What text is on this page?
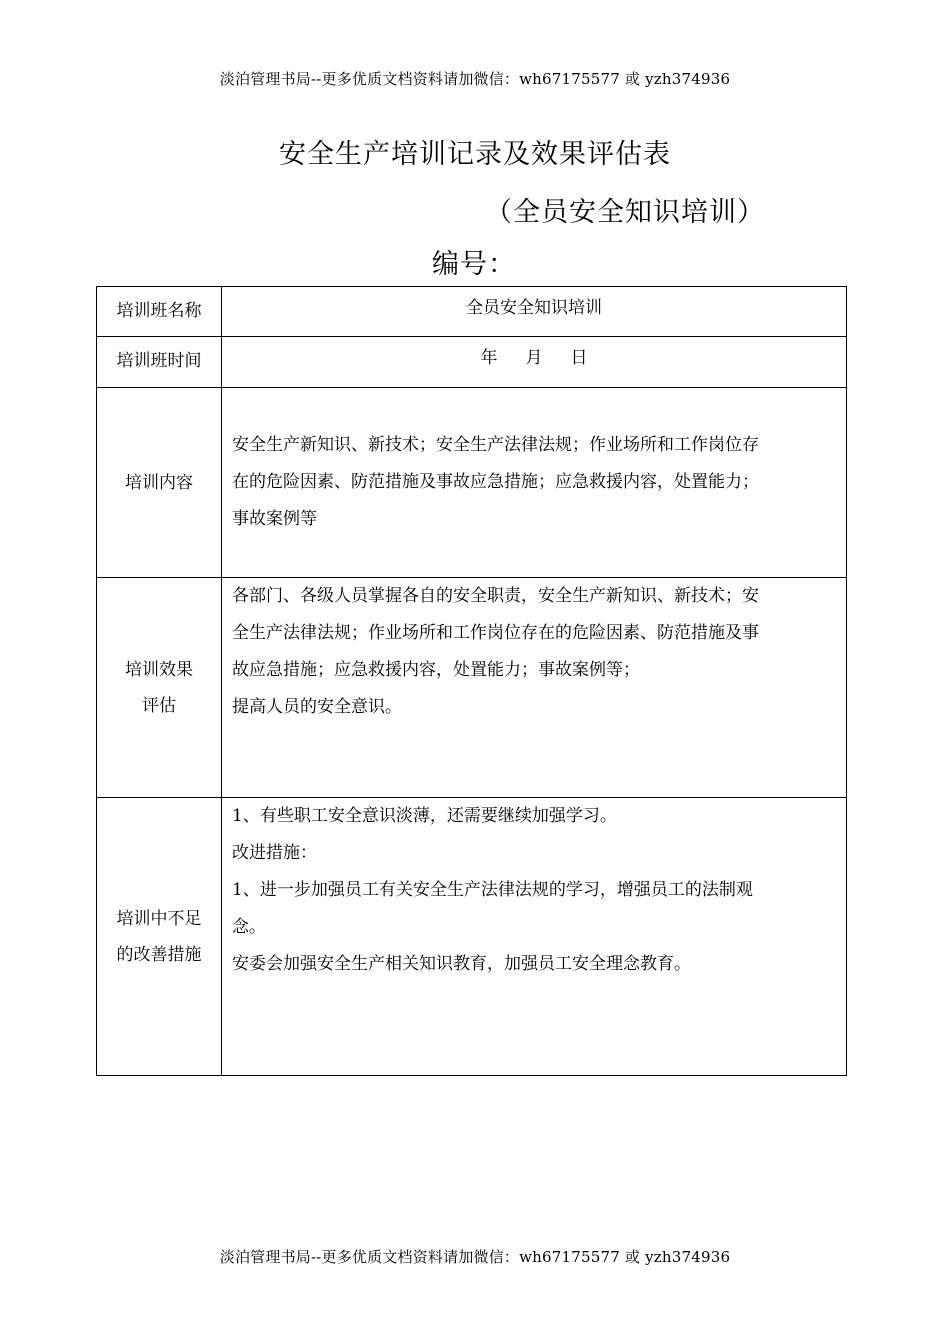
淡泊管理书局--更多优质文档资料请加微信：wh67175577 或 yzh374936
安全生产培训记录及效果评估表
（全员安全知识培训）
编号：
培训班名称	全员安全知识培训
培训班时间	年 月 日
培训内容	安全生产新知识、新技术；安全生产法律法规；作业场所和工作岗位存
在的危险因素、防范措施及事故应急措施；应急救援内容，处置能力；
事故案例等

培训效果
评估	各部门、各级人员掌握各自的安全职责，安全生产新知识、新技术；安
全生产法律法规；作业场所和工作岗位存在的危险因素、防范措施及事
故应急措施；应急救援内容，处置能力；事故案例等；
提高人员的安全意识。

培训中不足
的改善措施	1、有些职工安全意识淡薄，还需要继续加强学习。
改进措施：
1、进一步加强员工有关安全生产法律法规的学习，增强员工的法制观
念。
安委会加强安全生产相关知识教育，加强员工安全理念教育。
淡泊管理书局--更多优质文档资料请加微信：wh67175577 或 yzh374936
